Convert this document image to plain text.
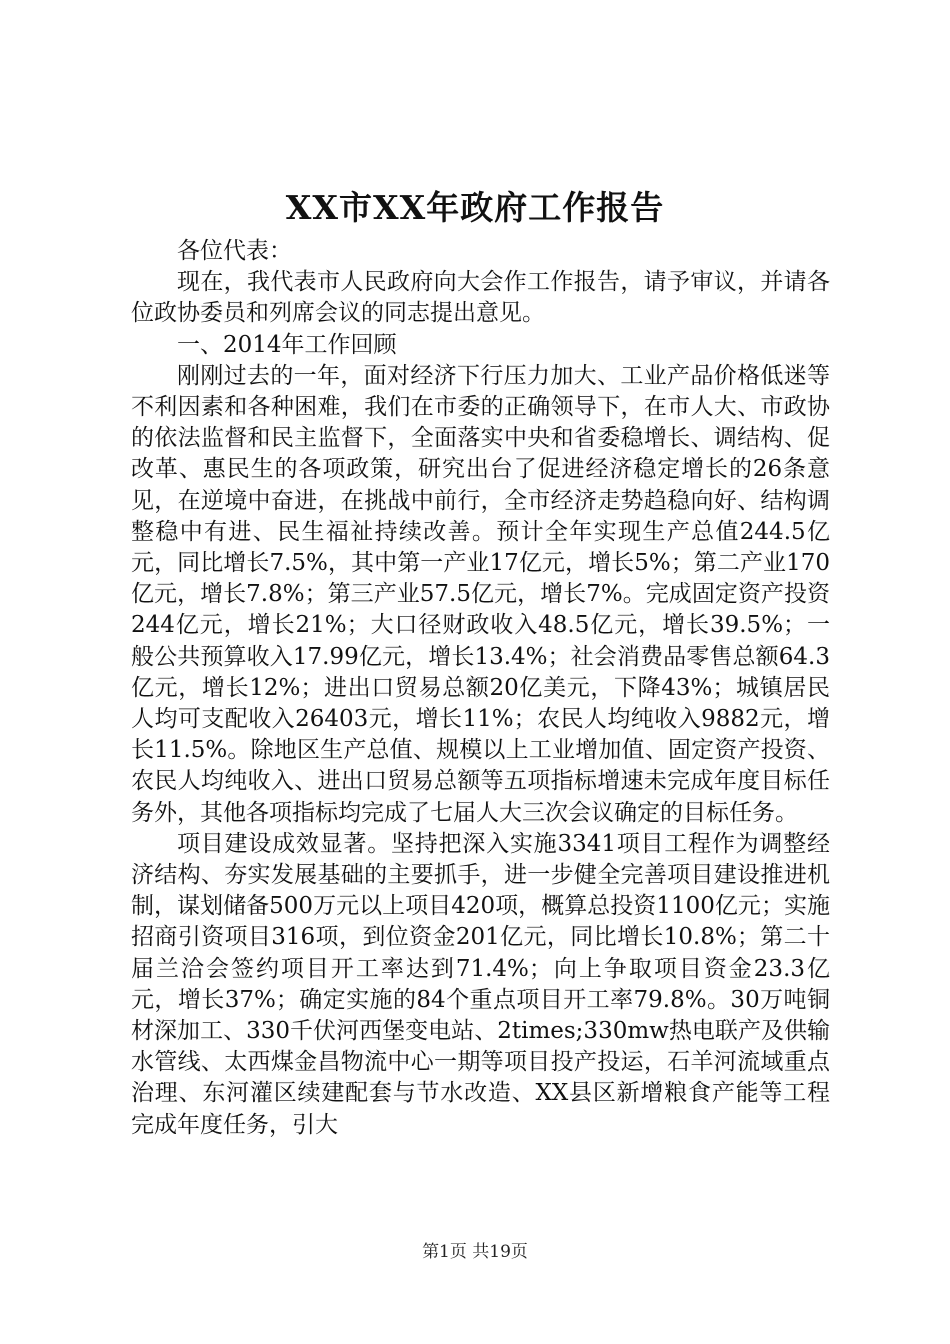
XX市XX年政府工作报告

各位代表：

现在，我代表市人民政府向大会作工作报告，请予审议，并请各位政协委员和列席会议的同志提出意见。

一、2014年工作回顾

刚刚过去的一年，面对经济下行压力加大、工业产品价格低迷等不利因素和各种困难，我们在市委的正确领导下，在市人大、市政协的依法监督和民主监督下，全面落实中央和省委稳增长、调结构、促改革、惠民生的各项政策，研究出台了促进经济稳定增长的26条意见，在逆境中奋进，在挑战中前行，全市经济走势趋稳向好、结构调整稳中有进、民生福祉持续改善。预计全年实现生产总值244.5亿元，同比增长7.5%，其中第一产业17亿元，增长5%；第二产业170亿元，增长7.8%；第三产业57.5亿元，增长7%。完成固定资产投资244亿元，增长21%；大口径财政收入48.5亿元，增长39.5%；一般公共预算收入17.99亿元，增长13.4%；社会消费品零售总额64.3亿元，增长12%；进出口贸易总额20亿美元，下降43%；城镇居民人均可支配收入26403元，增长11%；农民人均纯收入9882元，增长11.5%。除地区生产总值、规模以上工业增加值、固定资产投资、农民人均纯收入、进出口贸易总额等五项指标增速未完成年度目标任务外，其他各项指标均完成了七届人大三次会议确定的目标任务。

项目建设成效显著。坚持把深入实施3341项目工程作为调整经济结构、夯实发展基础的主要抓手，进一步健全完善项目建设推进机制，谋划储备500万元以上项目420项，概算总投资1100亿元；实施招商引资项目316项，到位资金201亿元，同比增长10.8%；第二十届兰洽会签约项目开工率达到71.4%；向上争取项目资金23.3亿元，增长37%；确定实施的84个重点项目开工率79.8%。30万吨铜材深加工、330千伏河西堡变电站、2times;330mw热电联产及供输水管线、太西煤金昌物流中心一期等项目投产投运，石羊河流域重点治理、东河灌区续建配套与节水改造、XX县区新增粮食产能等工程完成年度任务，引大

第1页 共19页
